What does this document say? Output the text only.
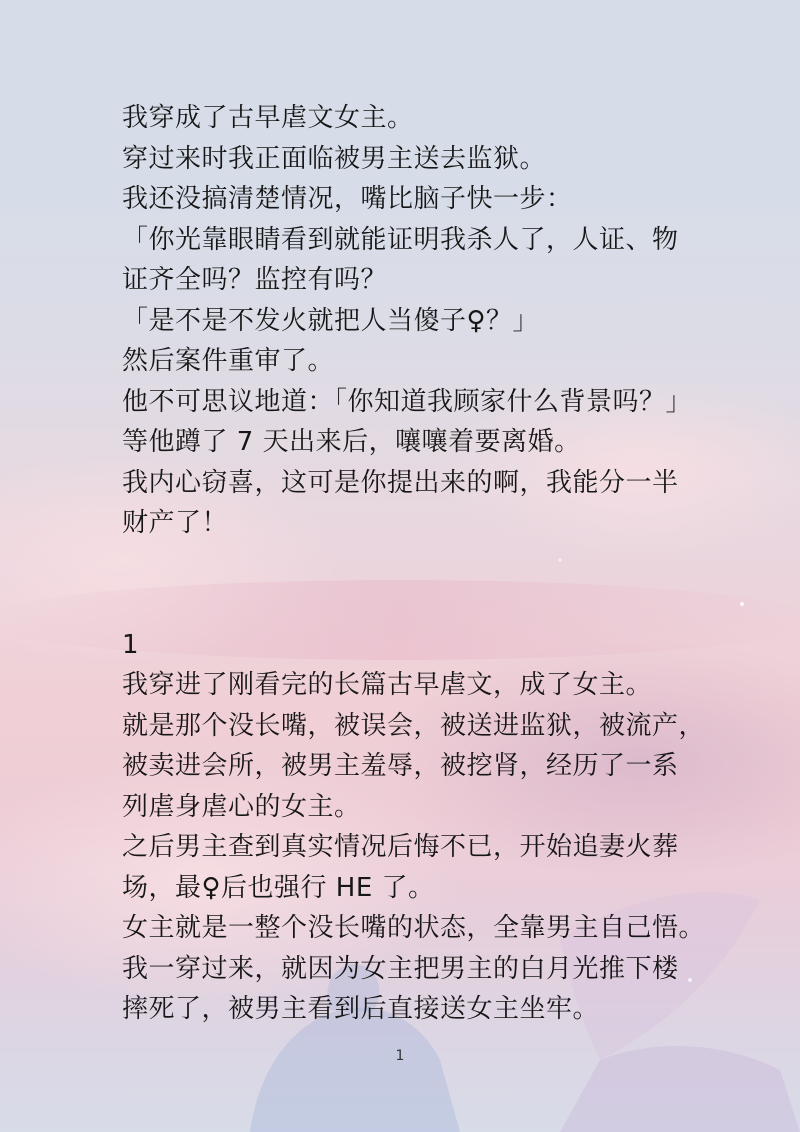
我穿成了古早虐文女主。
穿过来时我正面临被男主送去监狱。
我还没搞清楚情况，嘴比脑子快一步：
「你光靠眼睛看到就能证明我杀人了，人证、物
证齐全吗？监控有吗？
「是不是不发火就把人当傻子♀？」
然后案件重审了。
他不可思议地道：「你知道我顾家什么背景吗？」
等他蹲了 7 天出来后，嚷嚷着要离婚。
我内心窃喜，这可是你提出来的啊，我能分一半
财产了！
1
我穿进了刚看完的长篇古早虐文，成了女主。
就是那个没长嘴，被误会，被送进监狱，被流产，
被卖进会所，被男主羞辱，被挖肾，经历了一系
列虐身虐心的女主。
之后男主查到真实情况后悔不已，开始追妻火葬
场，最♀后也强行 HE 了。
女主就是一整个没长嘴的状态，全靠男主自己悟。
我一穿过来，就因为女主把男主的白月光推下楼
摔死了，被男主看到后直接送女主坐牢。
1
